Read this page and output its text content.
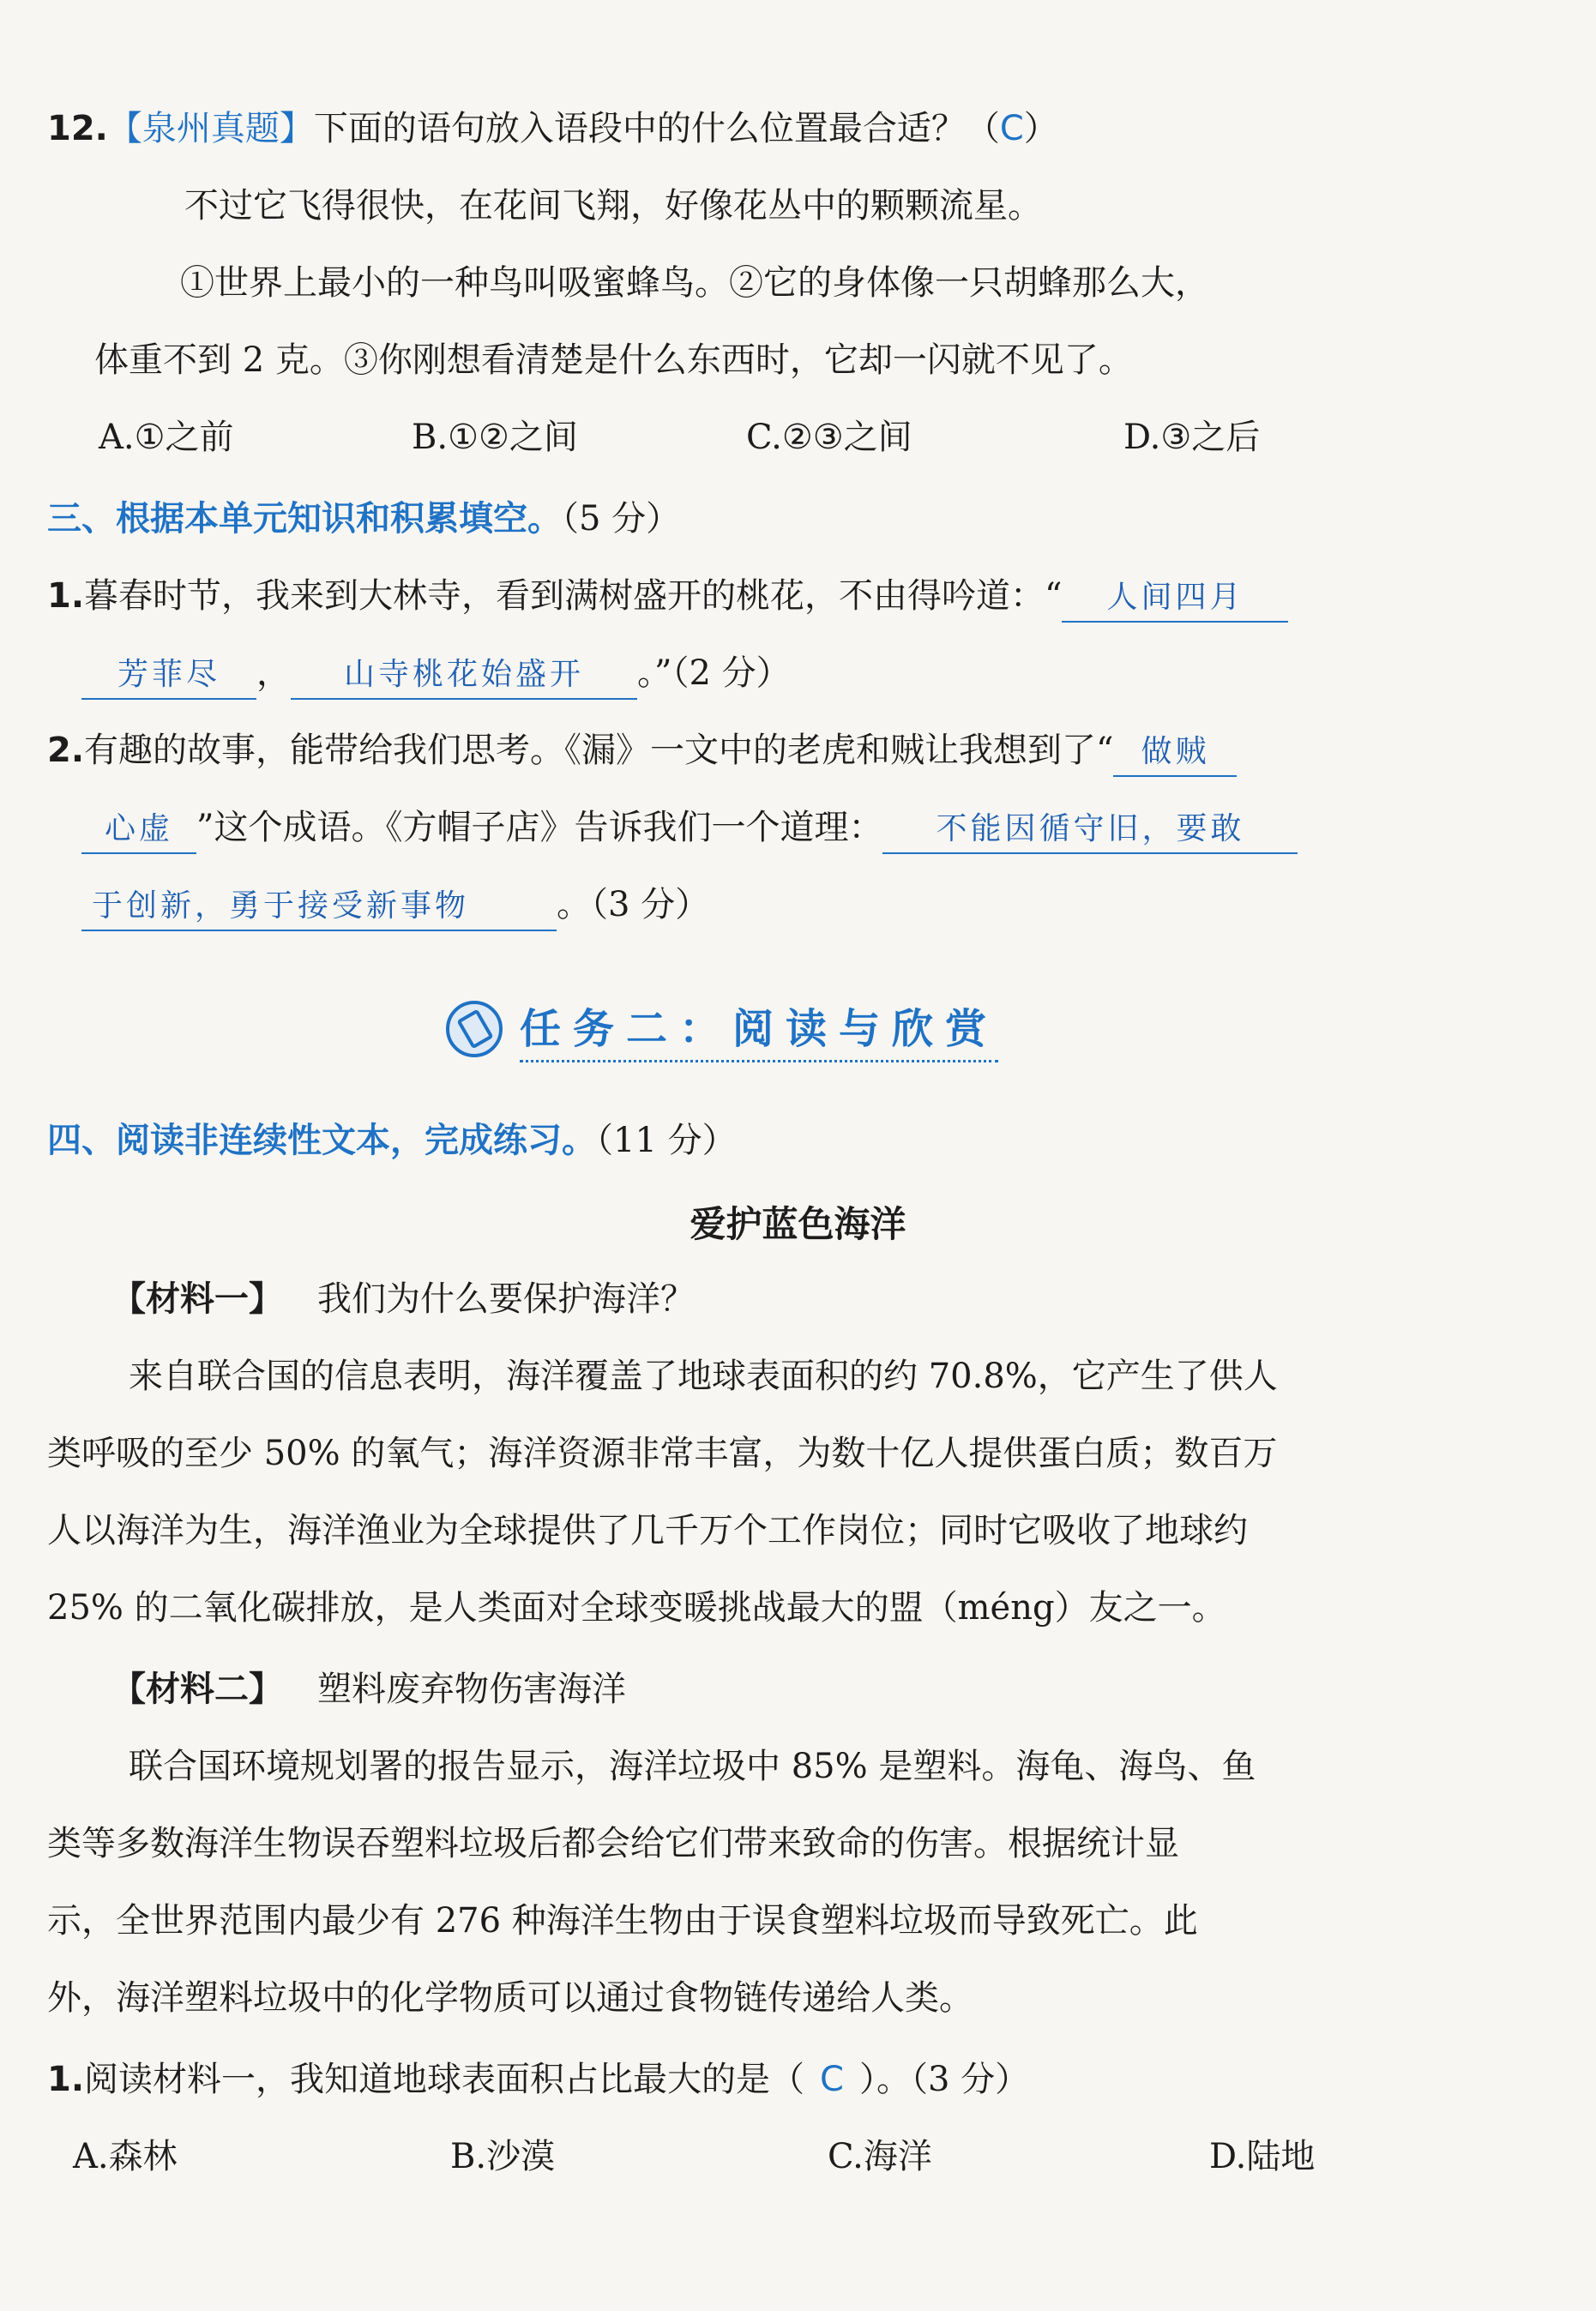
12.【泉州真题】下面的语句放入语段中的什么位置最合适？（C）
不过它飞得很快，在花间飞翔，好像花丛中的颗颗流星。
①世界上最小的一种鸟叫吸蜜蜂鸟。②它的身体像一只胡蜂那么大，
体重不到 2 克。③你刚想看清楚是什么东西时，它却一闪就不见了。
A.①之前	B.①②之间	C.②③之间	D.③之后
三、根据本单元知识和积累填空。（5 分）
1.暮春时节，我来到大林寺，看到满树盛开的桃花，不由得吟道：“ 人间四月
芳菲尽 ， 山寺桃花始盛开 。”（2 分）
2.有趣的故事，能带给我们思考。《漏》一文中的老虎和贼让我想到了“ 做贼
心虚 ”这个成语。《方帽子店》告诉我们一个道理： 不能因循守旧，要敢
于创新，勇于接受新事物	。（3 分）
任务二：阅读与欣赏
四、阅读非连续性文本，完成练习。（11 分）
爱护蓝色海洋
【材料一】 我们为什么要保护海洋？
来自联合国的信息表明，海洋覆盖了地球表面积的约 70.8%，它产生了供人
类呼吸的至少 50% 的氧气；海洋资源非常丰富，为数十亿人提供蛋白质；数百万
人以海洋为生，海洋渔业为全球提供了几千万个工作岗位；同时它吸收了地球约
25% 的二氧化碳排放，是人类面对全球变暖挑战最大的盟（méng）友之一。
【材料二】 塑料废弃物伤害海洋
联合国环境规划署的报告显示，海洋垃圾中 85% 是塑料。海龟、海鸟、鱼
类等多数海洋生物误吞塑料垃圾后都会给它们带来致命的伤害。根据统计显
示，全世界范围内最少有 276 种海洋生物由于误食塑料垃圾而导致死亡。此
外，海洋塑料垃圾中的化学物质可以通过食物链传递给人类。
1.阅读材料一，我知道地球表面积占比最大的是（ C ）。（3 分）
A.森林	B.沙漠	C.海洋	D.陆地
